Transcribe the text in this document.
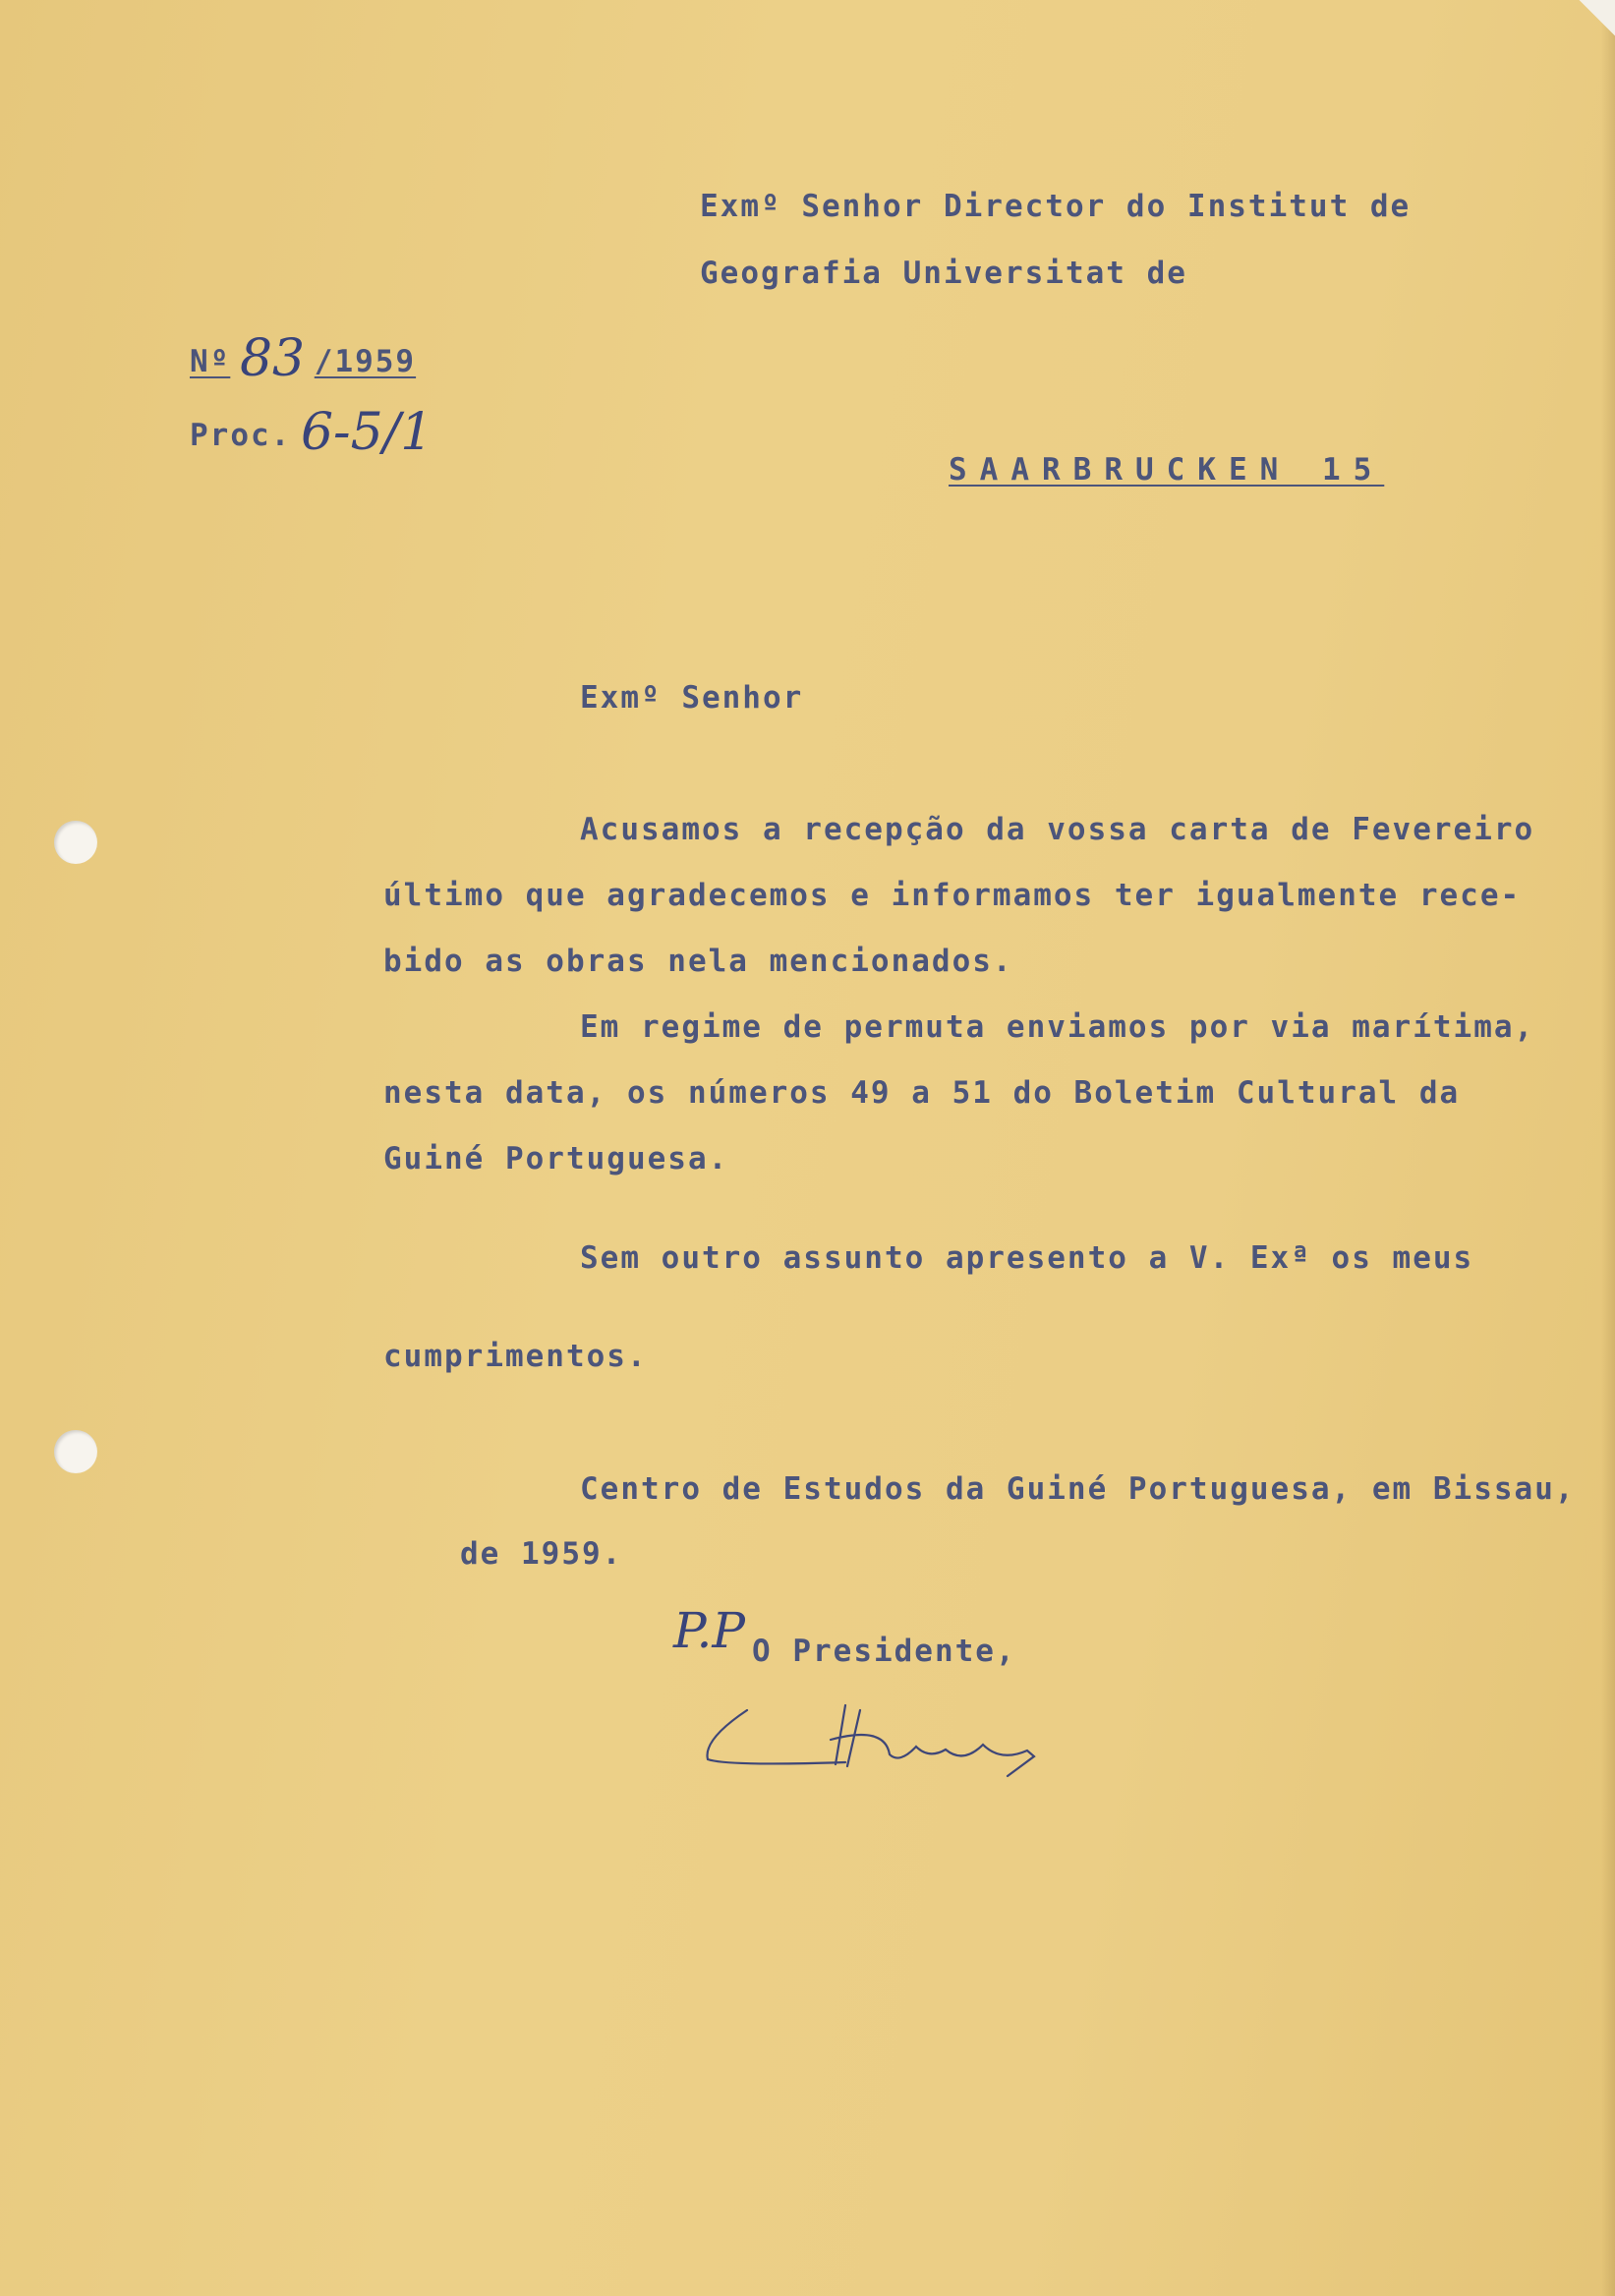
Exmº Senhor Director do Institut de
Geografia Universitat de
SAARBRUCKEN 15
Nº 83 /1959
Proc. 6-5/1
Exmº Senhor
Acusamos a recepção da vossa carta de Fevereiro
último que agradecemos e informamos ter igualmente rece-
bido as obras nela mencionados.
Em regime de permuta enviamos por via marítima,
nesta data, os números 49 a 51 do Boletim Cultural da
Guiné Portuguesa.
Sem outro assunto apresento a V. Exª os meus
cumprimentos.
Centro de Estudos da Guiné Portuguesa, em Bissau,
de 1959.
P.P O Presidente,
